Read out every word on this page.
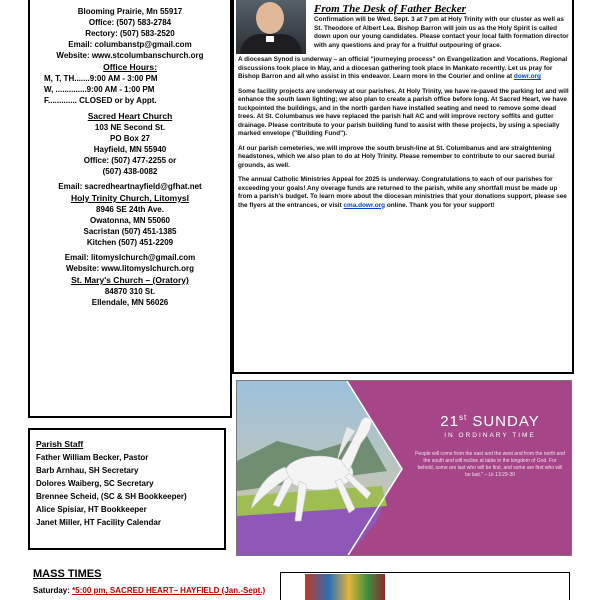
Blooming Prairie, Mn 55917
Office: (507) 583-2784
Rectory: (507) 583-2520
Email: columbanstp@gmail.com
Website: www.stcolumbanschurch.org
Office Hours:
M, T, TH.......9:00 AM - 3:00 PM
W, ..............9:00 AM - 1:00 PM
F............. CLOSED or by Appt.
Sacred Heart Church
103 NE Second St.
PO Box 27
Hayfield, MN 55940
Office: (507) 477-2255 or
(507) 438-0082
Email: sacredheartnayfield@gfhat.net
Holy Trinity Church, Litomysl
8946 SE 24th Ave.
Owatonna, MN 55060
Sacristan (507) 451-1385
Kitchen (507) 451-2209
Email: litomyslchurch@gmail.com
Website: www.litomyslchurch.org
St. Mary's Church – (Oratory)
84870 310 St.
Ellendale, MN 56026
Parish Staff
Father William Becker, Pastor
Barb Arnhau, SH Secretary
Dolores Waiberg, SC Secretary
Brennee Scheid, (SC & SH Bookkeeper)
Alice Spisiar, HT Bookkeeper
Janet Miller, HT Facility Calendar
MASS TIMES
Saturday: *5:00 pm, SACRED HEART– HAYFIELD (Jan.-Sept.)
From The Desk of Father Becker

Confirmation will be Wed. Sept. 3 at 7 pm at Holy Trinity with our cluster as well as St. Theodore of Albert Lea. Bishop Barron will join us as the Holy Spirit is called down upon our young candidates. Please contact your local faith formation director with any questions and pray for a fruitful outpouring of grace.

A diocesan Synod is underway – an official "journeying process" on Evangelization and Vocations. Regional discussions took place in May, and a diocesan gathering took place in Mankato recently. Let us pray for Bishop Barron and all who assist in this endeavor. Learn more in the Courier and online at dowr.org

Some facility projects are underway at our parishes. At Holy Trinity, we have re-paved the parking lot and will enhance the south lawn lighting; we also plan to create a parish office before long. At Sacred Heart, we have tuckpointed the buildings, and in the north garden have installed seating and need to remove some dead trees. At St. Columbanus we have replaced the parish hall AC and will improve rectory soffits and gutter drainage. Please contribute to your parish building fund to assist with these projects, by using a specially marked envelope ("Building Fund").

At our parish cemeteries, we will improve the south brush-line at St. Columbanus and are straightening headstones, which we also plan to do at Holy Trinity. Please remember to contribute to our sacred burial grounds, as well.

The annual Catholic Ministries Appeal for 2025 is underway. Congratulations to each of our parishes for exceeding your goals! Any overage funds are returned to the parish, while any shortfall must be made up from a parish's budget. To learn more about the diocesan ministries that your donations support, please see the flyers at the entrances, or visit cma.dowr.org online. Thank you for your support!

21st SUNDAY
IN ORDINARY TIME
People will come from the east and the west and from the north and the south and will recline at table in the kingdom of God. For behold, some are last who will be first, and some are first who will be last." – Lk 13:29-30
